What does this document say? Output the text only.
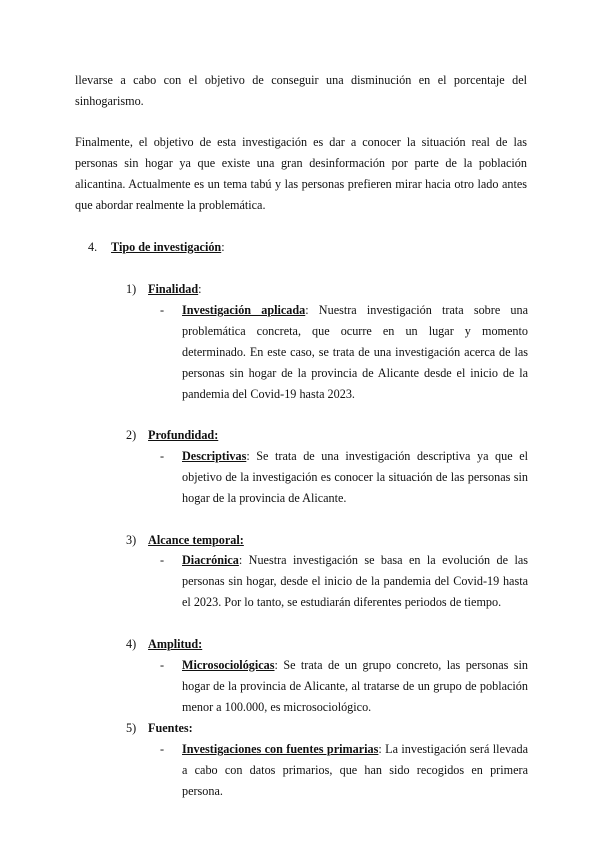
llevarse a cabo con el objetivo de conseguir una disminución en el porcentaje del sinhogarismo.

Finalmente, el objetivo de esta investigación es dar a conocer la situación real de las personas sin hogar ya que existe una gran desinformación por parte de la población alicantina. Actualmente es un tema tabú y las personas prefieren mirar hacia otro lado antes que abordar realmente la problemática.

4. Tipo de investigación:

1) Finalidad:

- Investigación aplicada: Nuestra investigación trata sobre una problemática concreta, que ocurre en un lugar y momento determinado. En este caso, se trata de una investigación acerca de las personas sin hogar de la provincia de Alicante desde el inicio de la pandemia del Covid-19 hasta 2023.

2) Profundidad:

- Descriptivas: Se trata de una investigación descriptiva ya que el objetivo de la investigación es conocer la situación de las personas sin hogar de la provincia de Alicante.

3) Alcance temporal:

- Diacrónica: Nuestra investigación se basa en la evolución de las personas sin hogar, desde el inicio de la pandemia del Covid-19 hasta el 2023. Por lo tanto, se estudiarán diferentes periodos de tiempo.

4) Amplitud:

- Microsociológicas: Se trata de un grupo concreto, las personas sin hogar de la provincia de Alicante, al tratarse de un grupo de población menor a 100.000, es microsociológico.

5) Fuentes:

- Investigaciones con fuentes primarias: La investigación será llevada a cabo con datos primarios, que han sido recogidos en primera persona.
